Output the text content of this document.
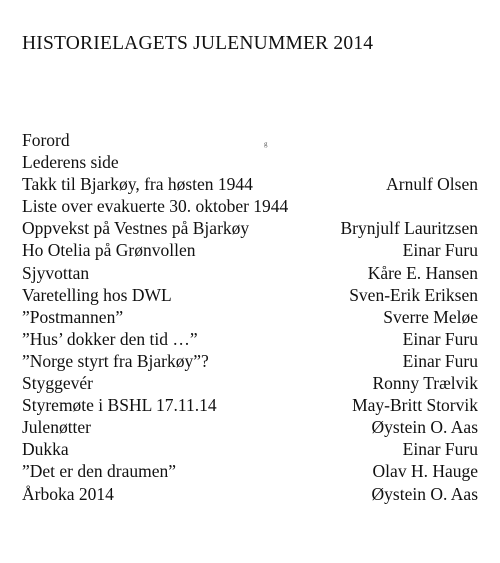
HISTORIELAGETS JULENUMMER 2014
g
Forord
Lederens side
Takk til Bjarkøy, fra høsten 1944	Arnulf Olsen
Liste over evakuerte 30. oktober 1944
Oppvekst på Vestnes på Bjarkøy	Brynjulf Lauritzsen
Ho Otelia på Grønvollen	Einar Furu
Sjyvottan	Kåre E. Hansen
Varetelling hos DWL	Sven-Erik Eriksen
”Postmannen”	Sverre Meløe
”Hus’ dokker den tid …”	Einar Furu
”Norge styrt fra Bjarkøy”?	Einar Furu
Styggevér	Ronny Trælvik
Styremøte i BSHL 17.11.14	May-Britt Storvik
Julenøtter	Øystein O. Aas
Dukka	Einar Furu
”Det er den draumen”	Olav H. Hauge
Årboka 2014	Øystein O. Aas
